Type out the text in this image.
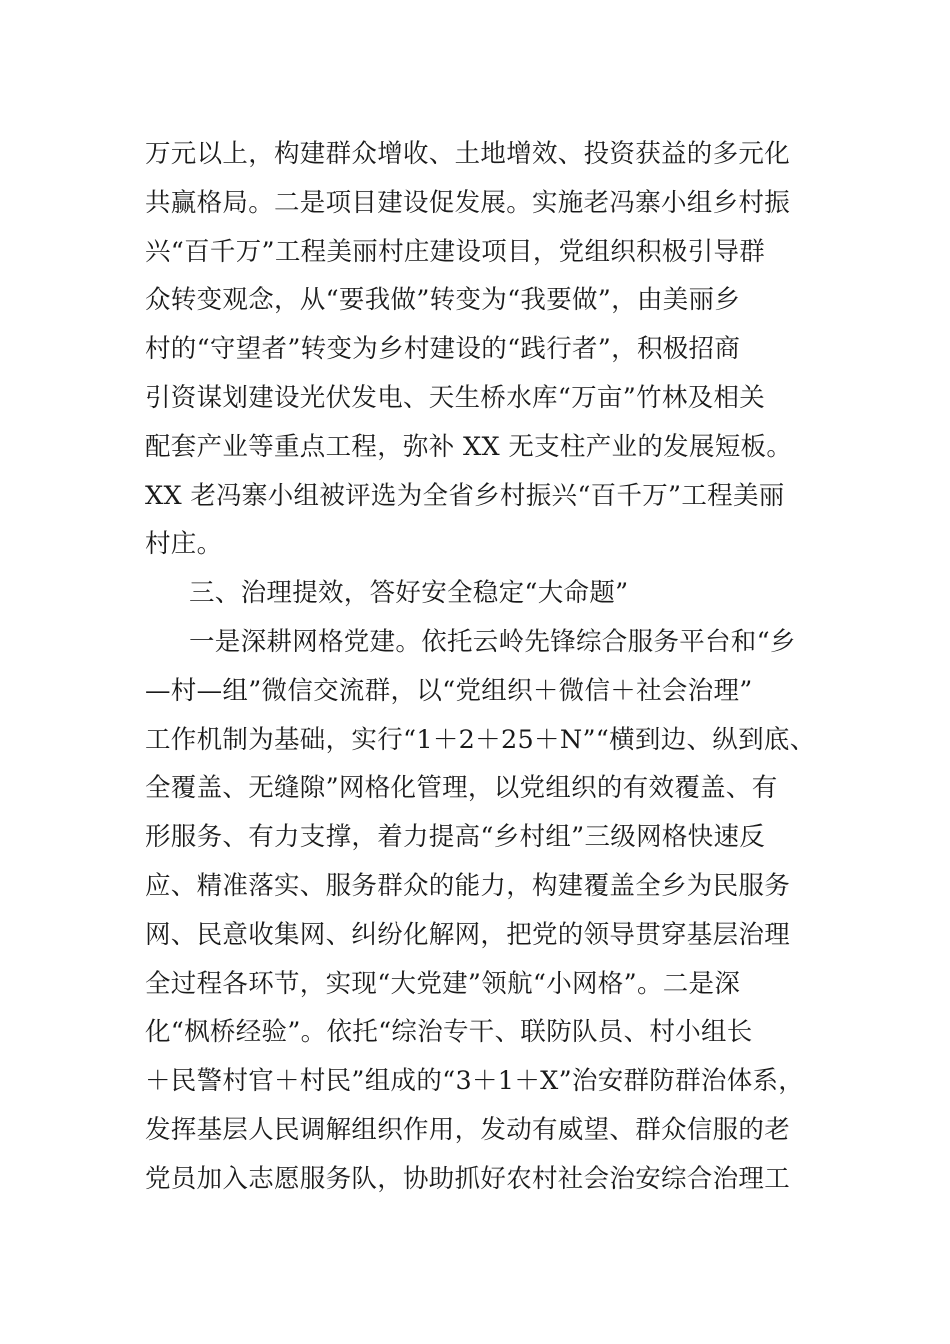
万元以上，构建群众增收、土地增效、投资获益的多元化
共赢格局。二是项目建设促发展。实施老冯寨小组乡村振
兴“百千万”工程美丽村庄建设项目，党组织积极引导群
众转变观念，从“要我做”转变为“我要做”，由美丽乡
村的“守望者”转变为乡村建设的“践行者”，积极招商
引资谋划建设光伏发电、天生桥水库“万亩”竹林及相关
配套产业等重点工程，弥补 XX 无支柱产业的发展短板。
XX 老冯寨小组被评选为全省乡村振兴“百千万”工程美丽
村庄。
三、治理提效，答好安全稳定“大命题”
一是深耕网格党建。依托云岭先锋综合服务平台和“乡
—村—组”微信交流群，以“党组织＋微信＋社会治理”
工作机制为基础，实行“1＋2＋25＋N”“横到边、纵到底、
全覆盖、无缝隙”网格化管理，以党组织的有效覆盖、有
形服务、有力支撑，着力提高“乡村组”三级网格快速反
应、精准落实、服务群众的能力，构建覆盖全乡为民服务
网、民意收集网、纠纷化解网，把党的领导贯穿基层治理
全过程各环节，实现“大党建”领航“小网格”。二是深
化“枫桥经验”。依托“综治专干、联防队员、村小组长
＋民警村官＋村民”组成的“3＋1＋X”治安群防群治体系，
发挥基层人民调解组织作用，发动有威望、群众信服的老
党员加入志愿服务队，协助抓好农村社会治安综合治理工
